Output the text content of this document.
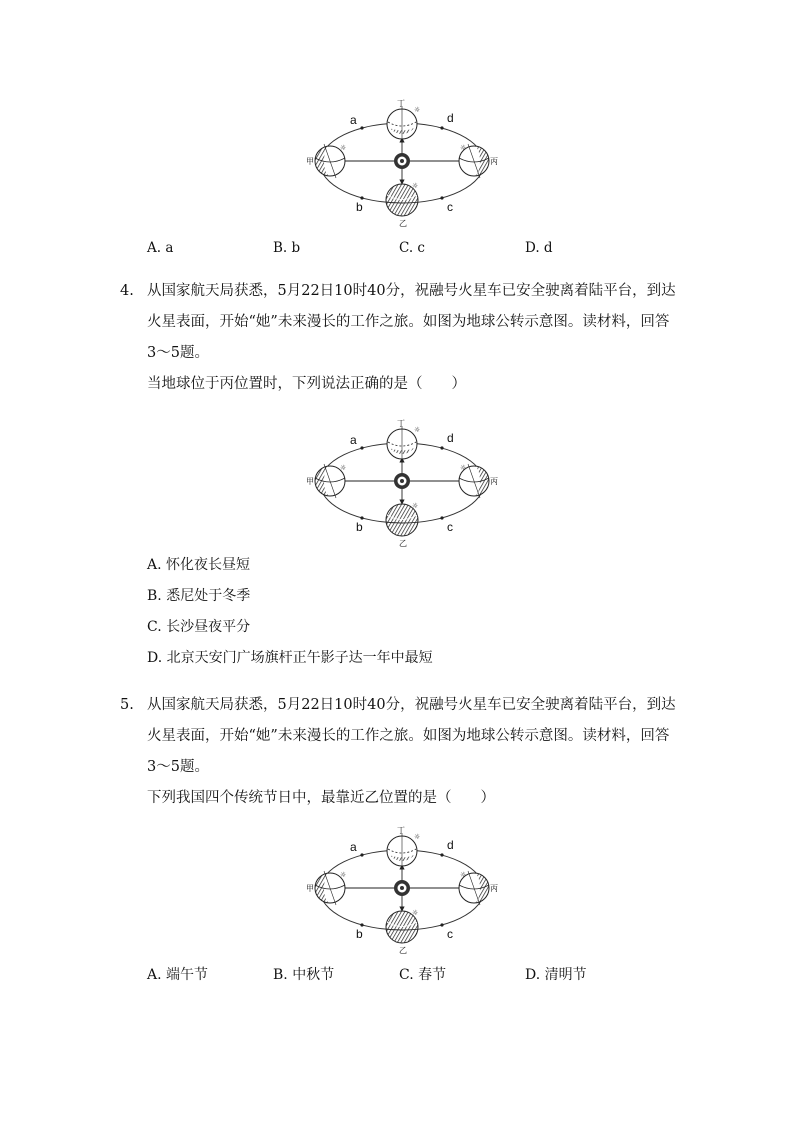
☼
☼	☼
☼
a	d
b	c
丁
甲
乙
丙
A. a	B. b	C. c	D. d
4. 从国家航天局获悉，5月22日10时40分，祝融号火星车已安全驶离着陆平台，到达
火星表面，开始“她”未来漫长的工作之旅。如图为地球公转示意图。读材料，回答
3～5题。
当地球位于丙位置时，下列说法正确的是（　　）
☼
☼	☼
☼
a	d
b	c
丁
甲
乙
丙
A. 怀化夜长昼短
B. 悉尼处于冬季
C. 长沙昼夜平分
D. 北京天安门广场旗杆正午影子达一年中最短
5. 从国家航天局获悉，5月22日10时40分，祝融号火星车已安全驶离着陆平台，到达
火星表面，开始“她”未来漫长的工作之旅。如图为地球公转示意图。读材料，回答
3～5题。
下列我国四个传统节日中，最靠近乙位置的是（　　）
☼
☼	☼
☼
a	d
b	c
丁
甲
乙
丙
A. 端午节	B. 中秋节	C. 春节	D. 清明节
